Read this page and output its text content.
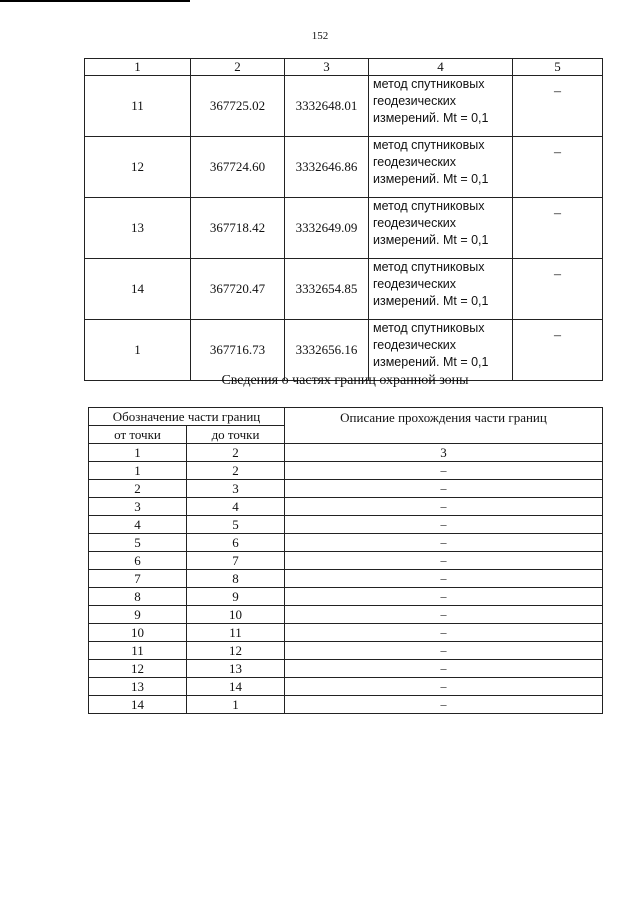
152
1	2	3	4	5
11	367725.02	3332648.01	метод спутниковых
геодезических
измерений. Mt = 0,1	–
12	367724.60	3332646.86	метод спутниковых
геодезических
измерений. Mt = 0,1	–
13	367718.42	3332649.09	метод спутниковых
геодезических
измерений. Mt = 0,1	–
14	367720.47	3332654.85	метод спутниковых
геодезических
измерений. Mt = 0,1	–
1	367716.73	3332656.16	метод спутниковых
геодезических
измерений. Mt = 0,1	–
Сведения о частях границ охранной зоны
Обозначение части границ		Описание прохождения части границ
от точки	до точки	
1	2	3
1	2	–
2	3	–
3	4	–
4	5	–
5	6	–
6	7	–
7	8	–
8	9	–
9	10	–
10	11	–
11	12	–
12	13	–
13	14	–
14	1	–
